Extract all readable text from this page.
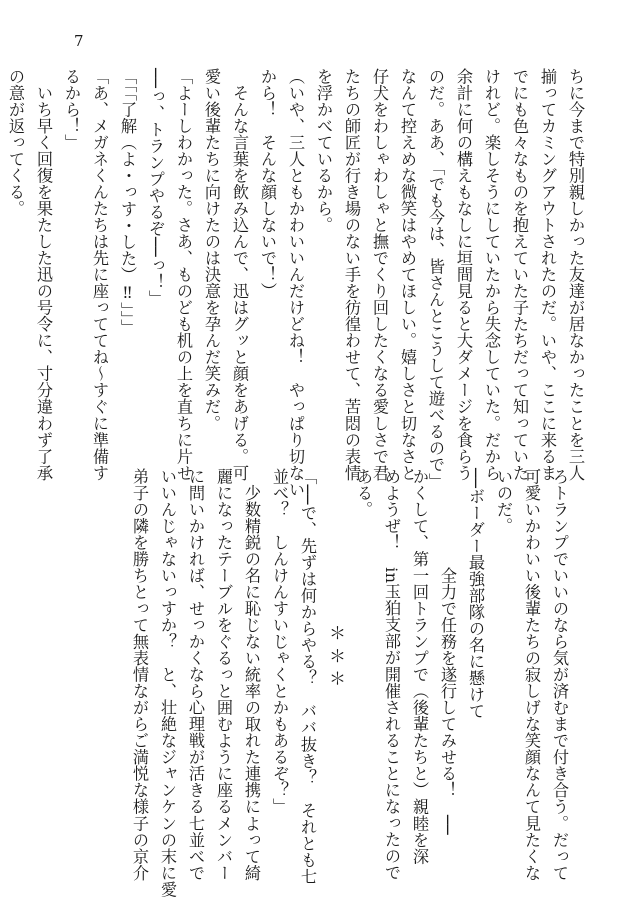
7

ちに今まで特別親しかった友達が居なかったことを三人

揃ってカミングアウトされたのだ。いや、ここに来るま

でにも色々なものを抱えていた子たちだって知っていた

けれど。楽しそうにしていたから失念していた。だから

余計に何の構えもなしに垣間見ると大ダメージを食らう

のだ。ああ、「でも今は、皆さんとこうして遊べるので」

なんて控えめな微笑はやめてほしい。嬉しさと切なさと

仔犬をわしゃわしゃと撫でくり回したくなる愛しさで君

たちの師匠が行き場のない手を彷徨わせて、苦悶の表情

を浮かべているから。

（いや、三人ともかわいいんだけどね！　やっぱり切ない

から！　そんな顔しないで！）

　そんな言葉を飲み込んで、迅はグッと顔をあげる。可

愛い後輩たちに向けたのは決意を孕んだ笑みだ。

「よーしわかった。さあ、ものども机の上を直ちに片せ

──っ、トランプやるぞ──っ！」

「「「了解（よ・っす・した）‼」」」

「あ、メガネくんたちは先に座っててね～すぐに準備す

るから！」

　いち早く回復を果たした迅の号令に、寸分違わず了承

の意が返ってくる。

ろトランプでいいのなら気が済むまで付き合う。だって

可愛いかわいい後輩たちの寂しげな笑顔なんて見たくな

いのだ。

──ボーダー最強部隊の名に懸けて

全力で任務を遂行してみせる！　──

かくして、第一回トランプで（後輩たちと）親睦を深

めようぜ！　in玉狛支部が開催されることになったので

ある。

＊＊＊

「──で、先ずは何からやる？　ババ抜き？　それとも七

並べ？　しんけんすいじゃくとかもあるぞ？」

　少数精鋭の名に恥じない統率の取れた連携によって綺

麗になったテーブルをぐるっと囲むように座るメンバー

に問いかければ、せっかくなら心理戦が活きる七並べで

いいんじゃないっすか？　と、壮絶なジャンケンの末に愛

弟子の隣を勝ちとって無表情ながらご満悦な様子の京介
